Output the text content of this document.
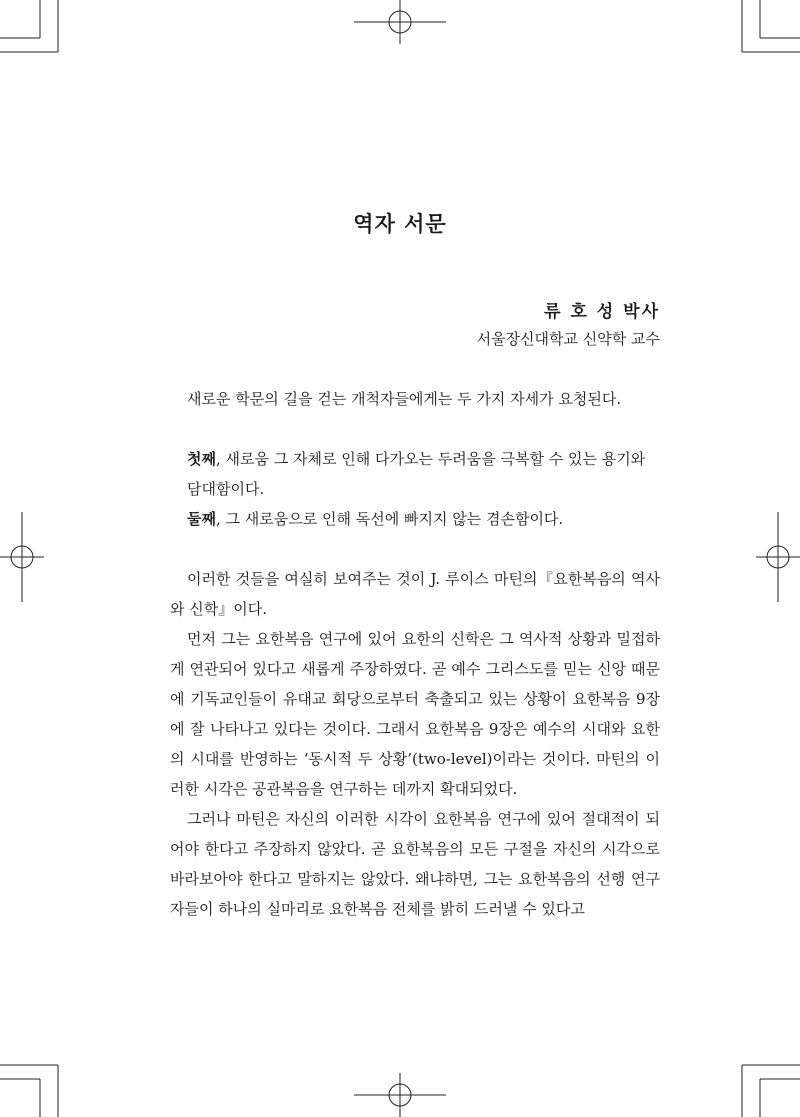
역자 서문
류 호 성 박사
서울장신대학교 신약학 교수

새로운 학문의 길을 걷는 개척자들에게는 두 가지 자세가 요청된다.

첫째, 새로움 그 자체로 인해 다가오는 두려움을 극복할 수 있는 용기와

담대함이다.

둘째, 그 새로움으로 인해 독선에 빠지지 않는 겸손함이다.

이러한 것들을 여실히 보여주는 것이 J. 루이스 마틴의『요한복음의 역사와 신학』이다.

먼저 그는 요한복음 연구에 있어 요한의 신학은 그 역사적 상황과 밀접하게 연관되어 있다고 새롭게 주장하였다. 곧 예수 그리스도를 믿는 신앙 때문에 기독교인들이 유대교 회당으로부터 축출되고 있는 상황이 요한복음 9장에 잘 나타나고 있다는 것이다. 그래서 요한복음 9장은 예수의 시대와 요한의 시대를 반영하는 ‘동시적 두 상황’(two-level)이라는 것이다. 마틴의 이러한 시각은 공관복음을 연구하는 데까지 확대되었다.

그러나 마틴은 자신의 이러한 시각이 요한복음 연구에 있어 절대적이 되어야 한다고 주장하지 않았다. 곧 요한복음의 모든 구절을 자신의 시각으로 바라보아야 한다고 말하지는 않았다. 왜냐하면, 그는 요한복음의 선행 연구자들이 하나의 실마리로 요한복음 전체를 밝히 드러낼 수 있다고
